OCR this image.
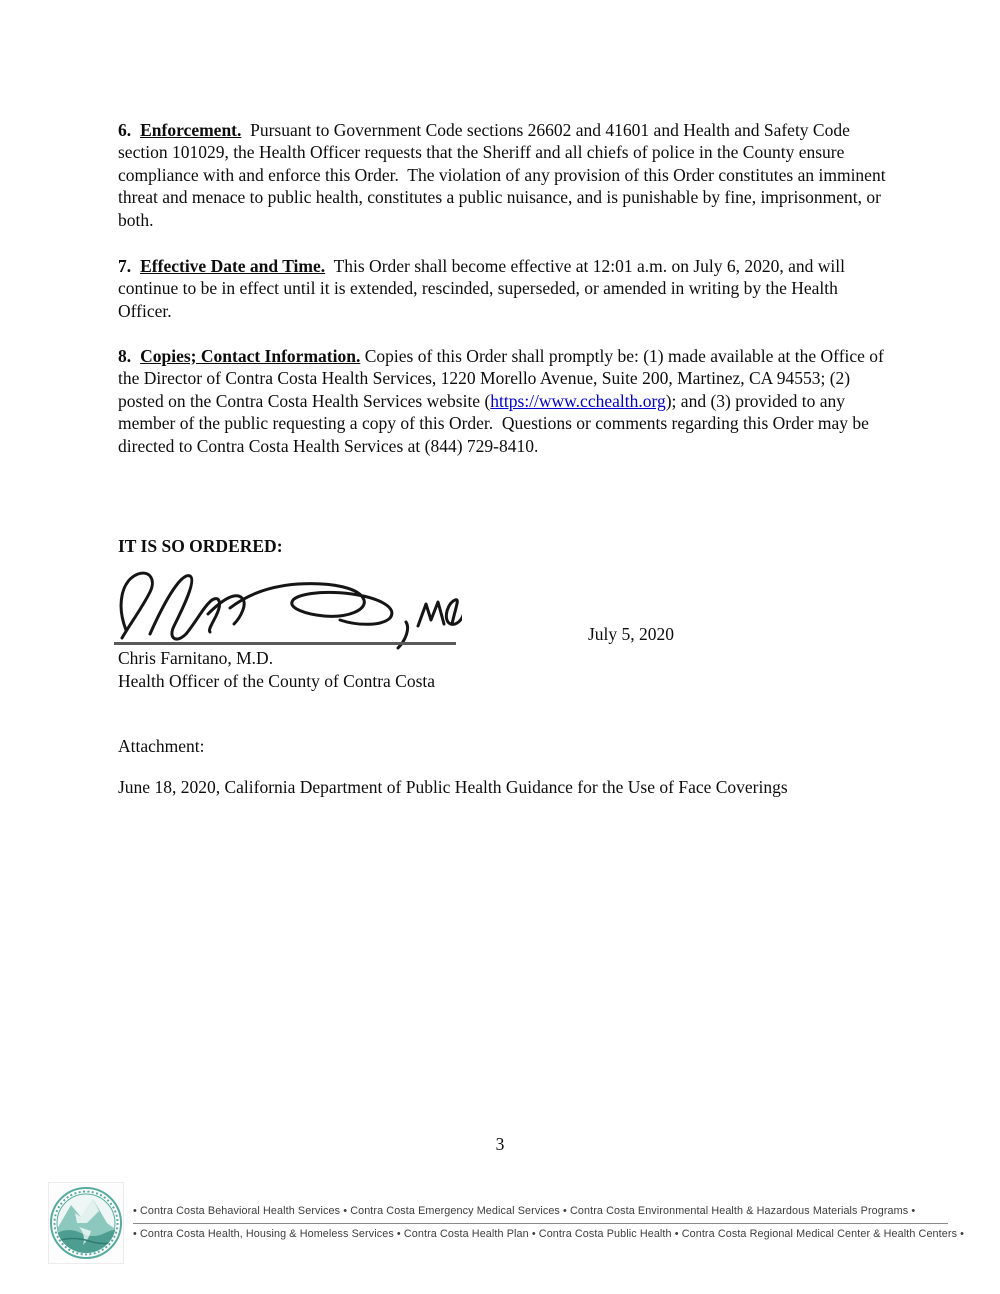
6. Enforcement.  Pursuant to Government Code sections 26602 and 41601 and Health and Safety Code section 101029, the Health Officer requests that the Sheriff and all chiefs of police in the County ensure compliance with and enforce this Order.  The violation of any provision of this Order constitutes an imminent threat and menace to public health, constitutes a public nuisance, and is punishable by fine, imprisonment, or both.

7. Effective Date and Time.  This Order shall become effective at 12:01 a.m. on July 6, 2020, and will continue to be in effect until it is extended, rescinded, superseded, or amended in writing by the Health Officer.

8. Copies; Contact Information. Copies of this Order shall promptly be: (1) made available at the Office of the Director of Contra Costa Health Services, 1220 Morello Avenue, Suite 200, Martinez, CA 94553; (2) posted on the Contra Costa Health Services website (https://www.cchealth.org); and (3) provided to any member of the public requesting a copy of this Order.  Questions or comments regarding this Order may be directed to Contra Costa Health Services at (844) 729-8410.

IT IS SO ORDERED:

July 5, 2020

Chris Farnitano, M.D.

Health Officer of the County of Contra Costa

Attachment:

June 18, 2020, California Department of Public Health Guidance for the Use of Face Coverings

3

• Contra Costa Behavioral Health Services • Contra Costa Emergency Medical Services • Contra Costa Environmental Health & Hazardous Materials Programs •

• Contra Costa Health, Housing & Homeless Services • Contra Costa Health Plan • Contra Costa Public Health • Contra Costa Regional Medical Center & Health Centers •
